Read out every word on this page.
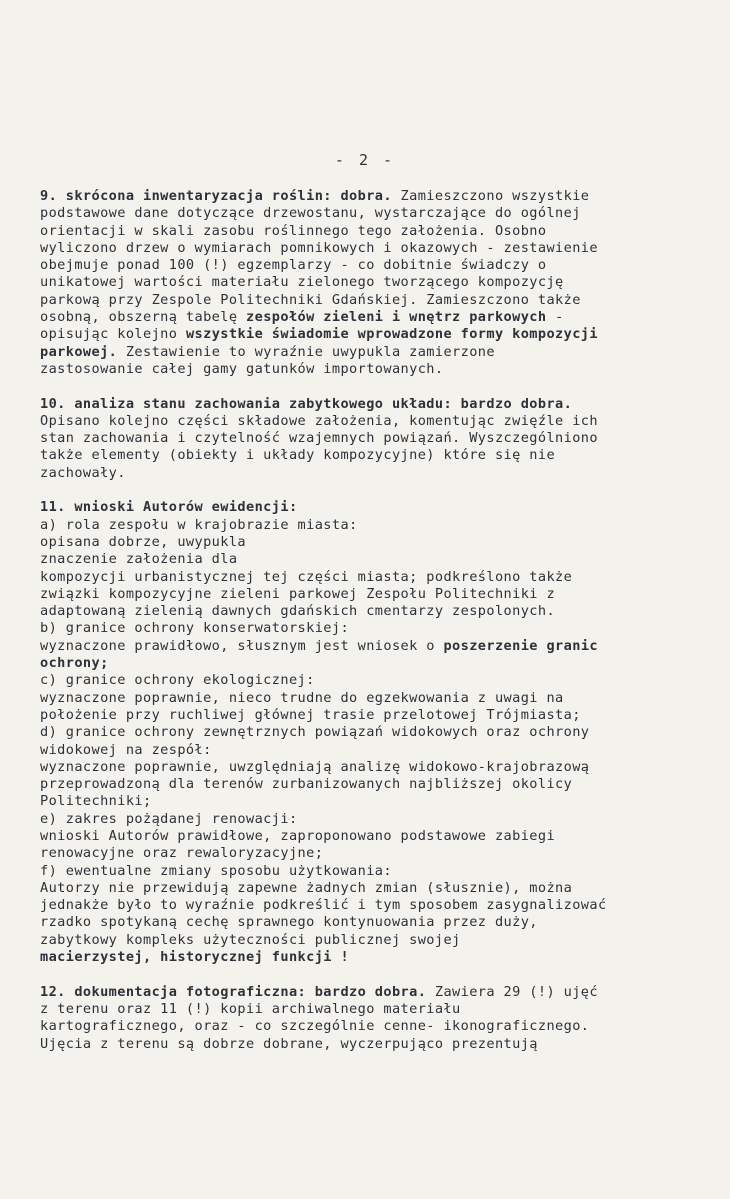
- 2 -
9. skrócona inwentaryzacja roślin: dobra. Zamieszczono wszystkie
podstawowe dane dotyczące drzewostanu, wystarczające do ogólnej
orientacji w skali zasobu roślinnego tego założenia. Osobno
wyliczono drzew o wymiarach pomnikowych i okazowych - zestawienie
obejmuje ponad 100 (!) egzemplarzy - co dobitnie świadczy o
unikatowej wartości materiału zielonego tworzącego kompozycję
parkową przy Zespole Politechniki Gdańskiej. Zamieszczono także
osobną, obszerną tabelę zespołów zieleni i wnętrz parkowych -
opisując kolejno wszystkie świadomie wprowadzone formy kompozycji
parkowej. Zestawienie to wyraźnie uwypukla zamierzone
zastosowanie całej gamy gatunków importowanych.
10. analiza stanu zachowania zabytkowego układu: bardzo dobra.
Opisano kolejno części składowe założenia, komentując zwięźle ich
stan zachowania i czytelność wzajemnych powiązań. Wyszczególniono
także elementy (obiekty i układy kompozycyjne) które się nie
zachowały.
11. wnioski Autorów ewidencji:
a) rola zespołu w krajobrazie miasta:
opisana dobrze, uwypukla
znaczenie założenia dla
kompozycji urbanistycznej tej części miasta; podkreślono także
związki kompozycyjne zieleni parkowej Zespołu Politechniki z
adaptowaną zielenią dawnych gdańskich cmentarzy zespolonych.
b) granice ochrony konserwatorskiej:
wyznaczone prawidłowo, słusznym jest wniosek o poszerzenie granic
ochrony;
c) granice ochrony ekologicznej:
wyznaczone poprawnie, nieco trudne do egzekwowania z uwagi na
położenie przy ruchliwej głównej trasie przelotowej Trójmiasta;
d) granice ochrony zewnętrznych powiązań widokowych oraz ochrony
widokowej na zespół:
wyznaczone poprawnie, uwzględniają analizę widokowo-krajobrazową
przeprowadzoną dla terenów zurbanizowanych najbliższej okolicy
Politechniki;
e) zakres pożądanej renowacji:
wnioski Autorów prawidłowe, zaproponowano podstawowe zabiegi
renowacyjne oraz rewaloryzacyjne;
f) ewentualne zmiany sposobu użytkowania:
Autorzy nie przewidują zapewne żadnych zmian (słusznie), można
jednakże było to wyraźnie podkreślić i tym sposobem zasygnalizować
rzadko spotykaną cechę sprawnego kontynuowania przez duży,
zabytkowy kompleks użyteczności publicznej swojej
macierzystej, historycznej funkcji !
12. dokumentacja fotograficzna: bardzo dobra. Zawiera 29 (!) ujęć
z terenu oraz 11 (!) kopii archiwalnego materiału
kartograficznego, oraz - co szczególnie cenne- ikonograficznego.
Ujęcia z terenu są dobrze dobrane, wyczerpująco prezentują
